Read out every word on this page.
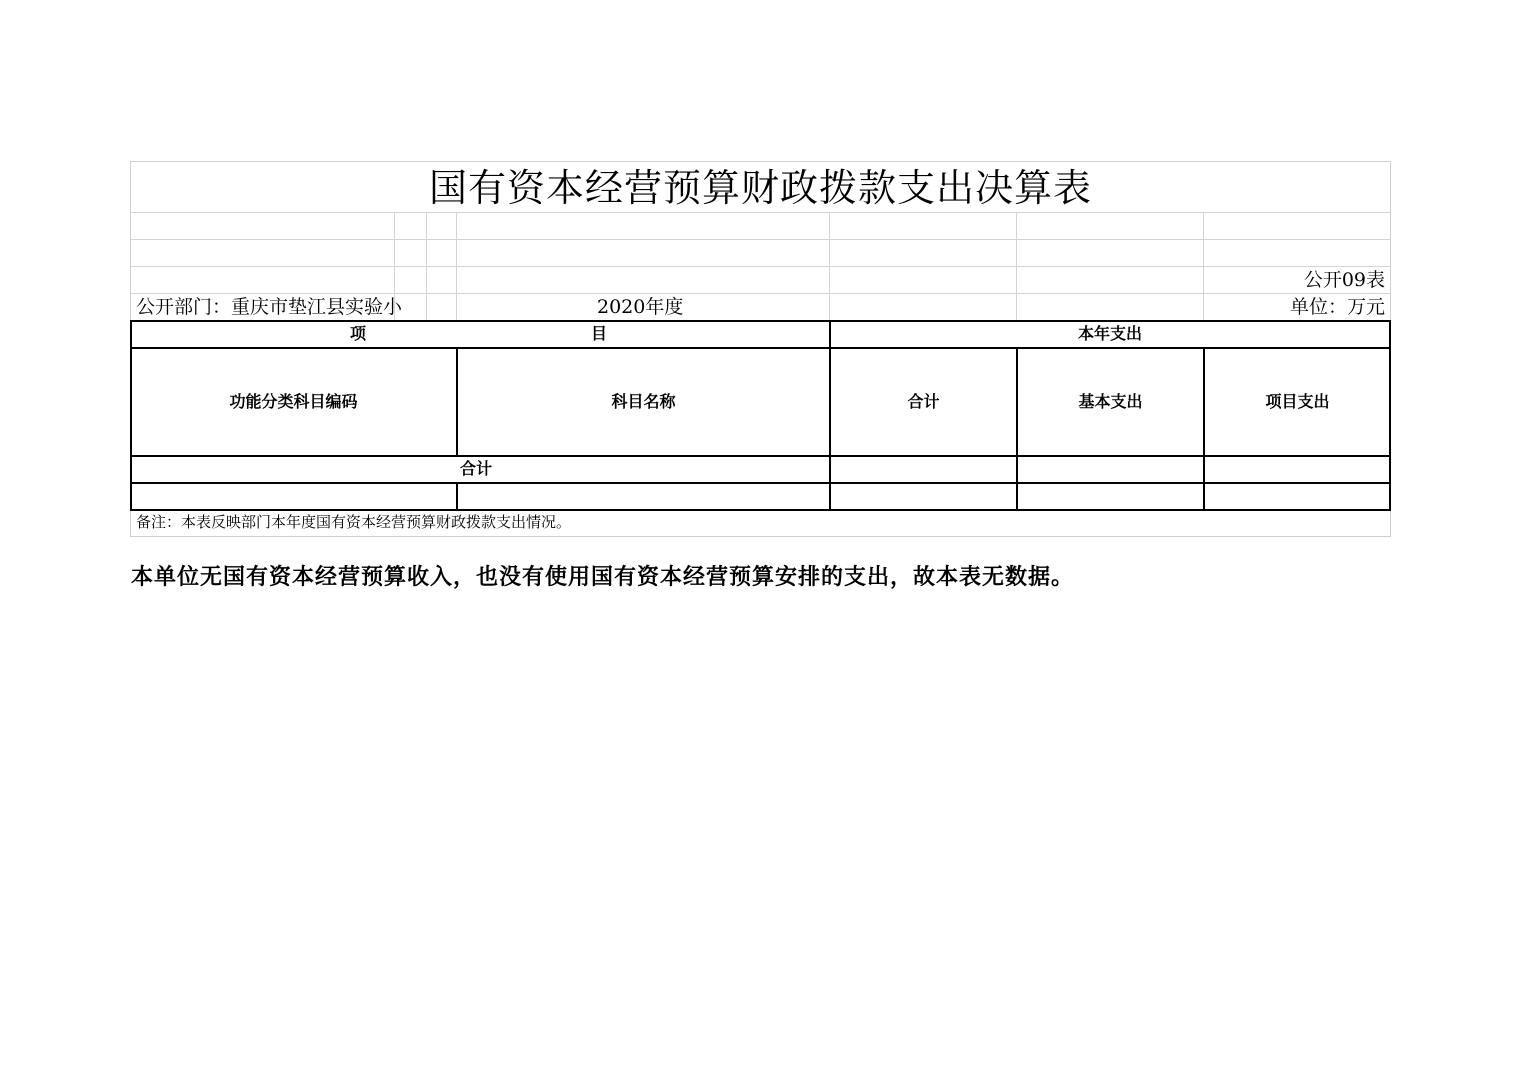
国有资本经营预算财政拨款支出决算表
公开09表
公开部门：重庆市垫江县实验小	2020年度	单位：万元
项	目	本年支出
功能分类科目编码	科目名称	合计	基本支出	项目支出
合计
备注：本表反映部门本年度国有资本经营预算财政拨款支出情况。
本单位无国有资本经营预算收入，也没有使用国有资本经营预算安排的支出，故本表无数据。
